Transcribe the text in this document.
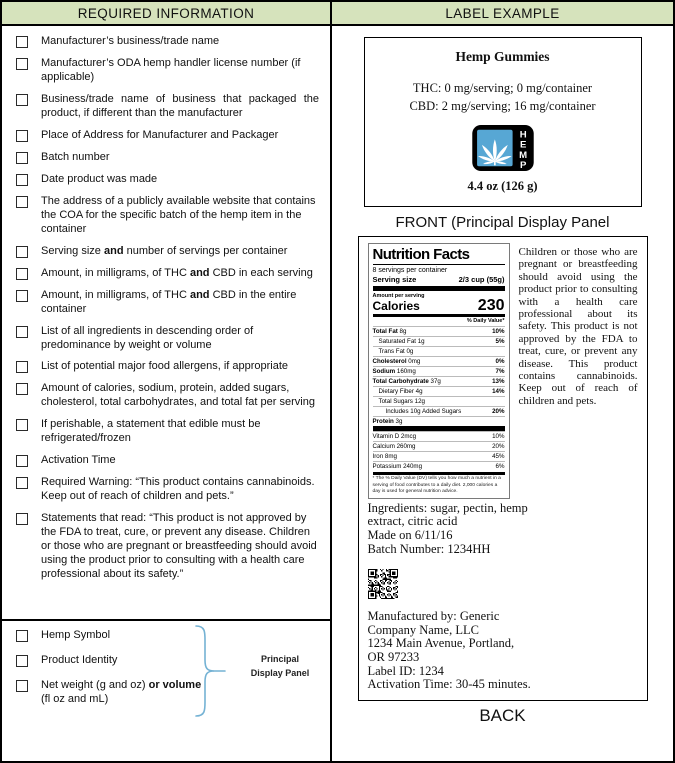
REQUIRED INFORMATION	LABEL EXAMPLE
Manufacturer’s business/trade name
Manufacturer’s ODA hemp handler license number (if applicable)
Business/trade name of business that packaged the product, if different than the manufacturer
Place of Address for Manufacturer and Packager
Batch number
Date product was made
The address of a publicly available website that contains the COA for the specific batch of the hemp item in the container
Serving size and number of servings per container
Amount, in milligrams, of THC and CBD in each serving
Amount, in milligrams, of THC and CBD in the entire container
List of all ingredients in descending order of predominance by weight or volume
List of potential major food allergens, if appropriate
Amount of calories, sodium, protein, added sugars, cholesterol, total carbohydrates, and total fat per serving
If perishable, a statement that edible must be refrigerated/frozen
Activation Time
Required Warning: “This product contains cannabinoids. Keep out of reach of children and pets.”
Statements that read: “This product is not approved by the FDA to treat, cure, or prevent any disease. Children or those who are pregnant or breastfeeding should avoid using the product prior to consulting with a health care professional about its safety.”
Hemp Symbol
Product Identity
Net weight (g and oz) or volume (fl oz and mL)
Principal
Display Panel
Hemp Gummies
THC: 0 mg/serving; 0 mg/container
CBD: 2 mg/serving; 16 mg/container
H
E
M
P
4.4 oz (126 g)
FRONT (Principal Display Panel
Nutrition Facts
8 servings per container
Serving size	2/3 cup (55g)
Amount per serving
Calories	230
% Daily Value*
Total Fat 8g	10%
Saturated Fat 1g	5%
Trans Fat 0g
Cholesterol 0mg	0%
Sodium 160mg	7%
Total Carbohydrate 37g	13%
Dietary Fiber 4g	14%
Total Sugars 12g
Includes 10g Added Sugars	20%
Protein 3g
Vitamin D 2mcg	10%
Calcium 260mg	20%
Iron 8mg	45%
Potassium 240mg	6%
* The % Daily Value (DV) tells you how much a nutrient in a serving of food contributes to a daily diet. 2,000 calories a day is used for general nutrition advice.
Children or those who are pregnant or breastfeeding should avoid using the product prior to consulting with a health care professional about its safety. This product is not approved by the FDA to treat, cure, or prevent any disease. This product contains cannabinoids. Keep out of reach of children and pets.
Ingredients: sugar, pectin, hemp
extract, citric acid
Made on 6/11/16
Batch Number: 1234HH
Manufactured by: Generic
Company Name, LLC
1234 Main Avenue, Portland,
OR 97233
Label ID: 1234
Activation Time: 30-45 minutes.
BACK
